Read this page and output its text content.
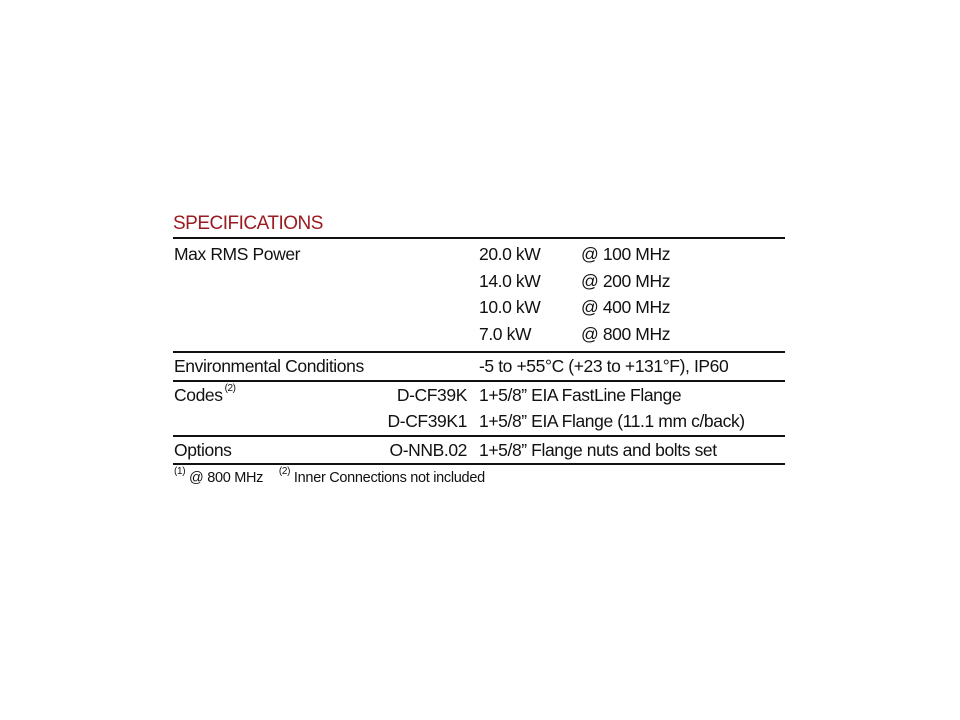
SPECIFICATIONS
Max RMS Power	20.0 kW @ 100 MHz
14.0 kW @ 200 MHz
10.0 kW @ 400 MHz
7.0 kW	@ 800 MHz
Environmental Conditions	-5 to +55°C (+23 to +131°F), IP60
Codes $^{(2)}$	D-CF39K 1+5/8” EIA FastLine Flange
D-CF39K1 1+5/8” EIA Flange (11.1 mm c/back)
Options	O-NNB.02 1+5/8” Flange nuts and bolts set
$^{(1)}$ @ 800 MHz $^{(2)}$ Inner Connections not included
